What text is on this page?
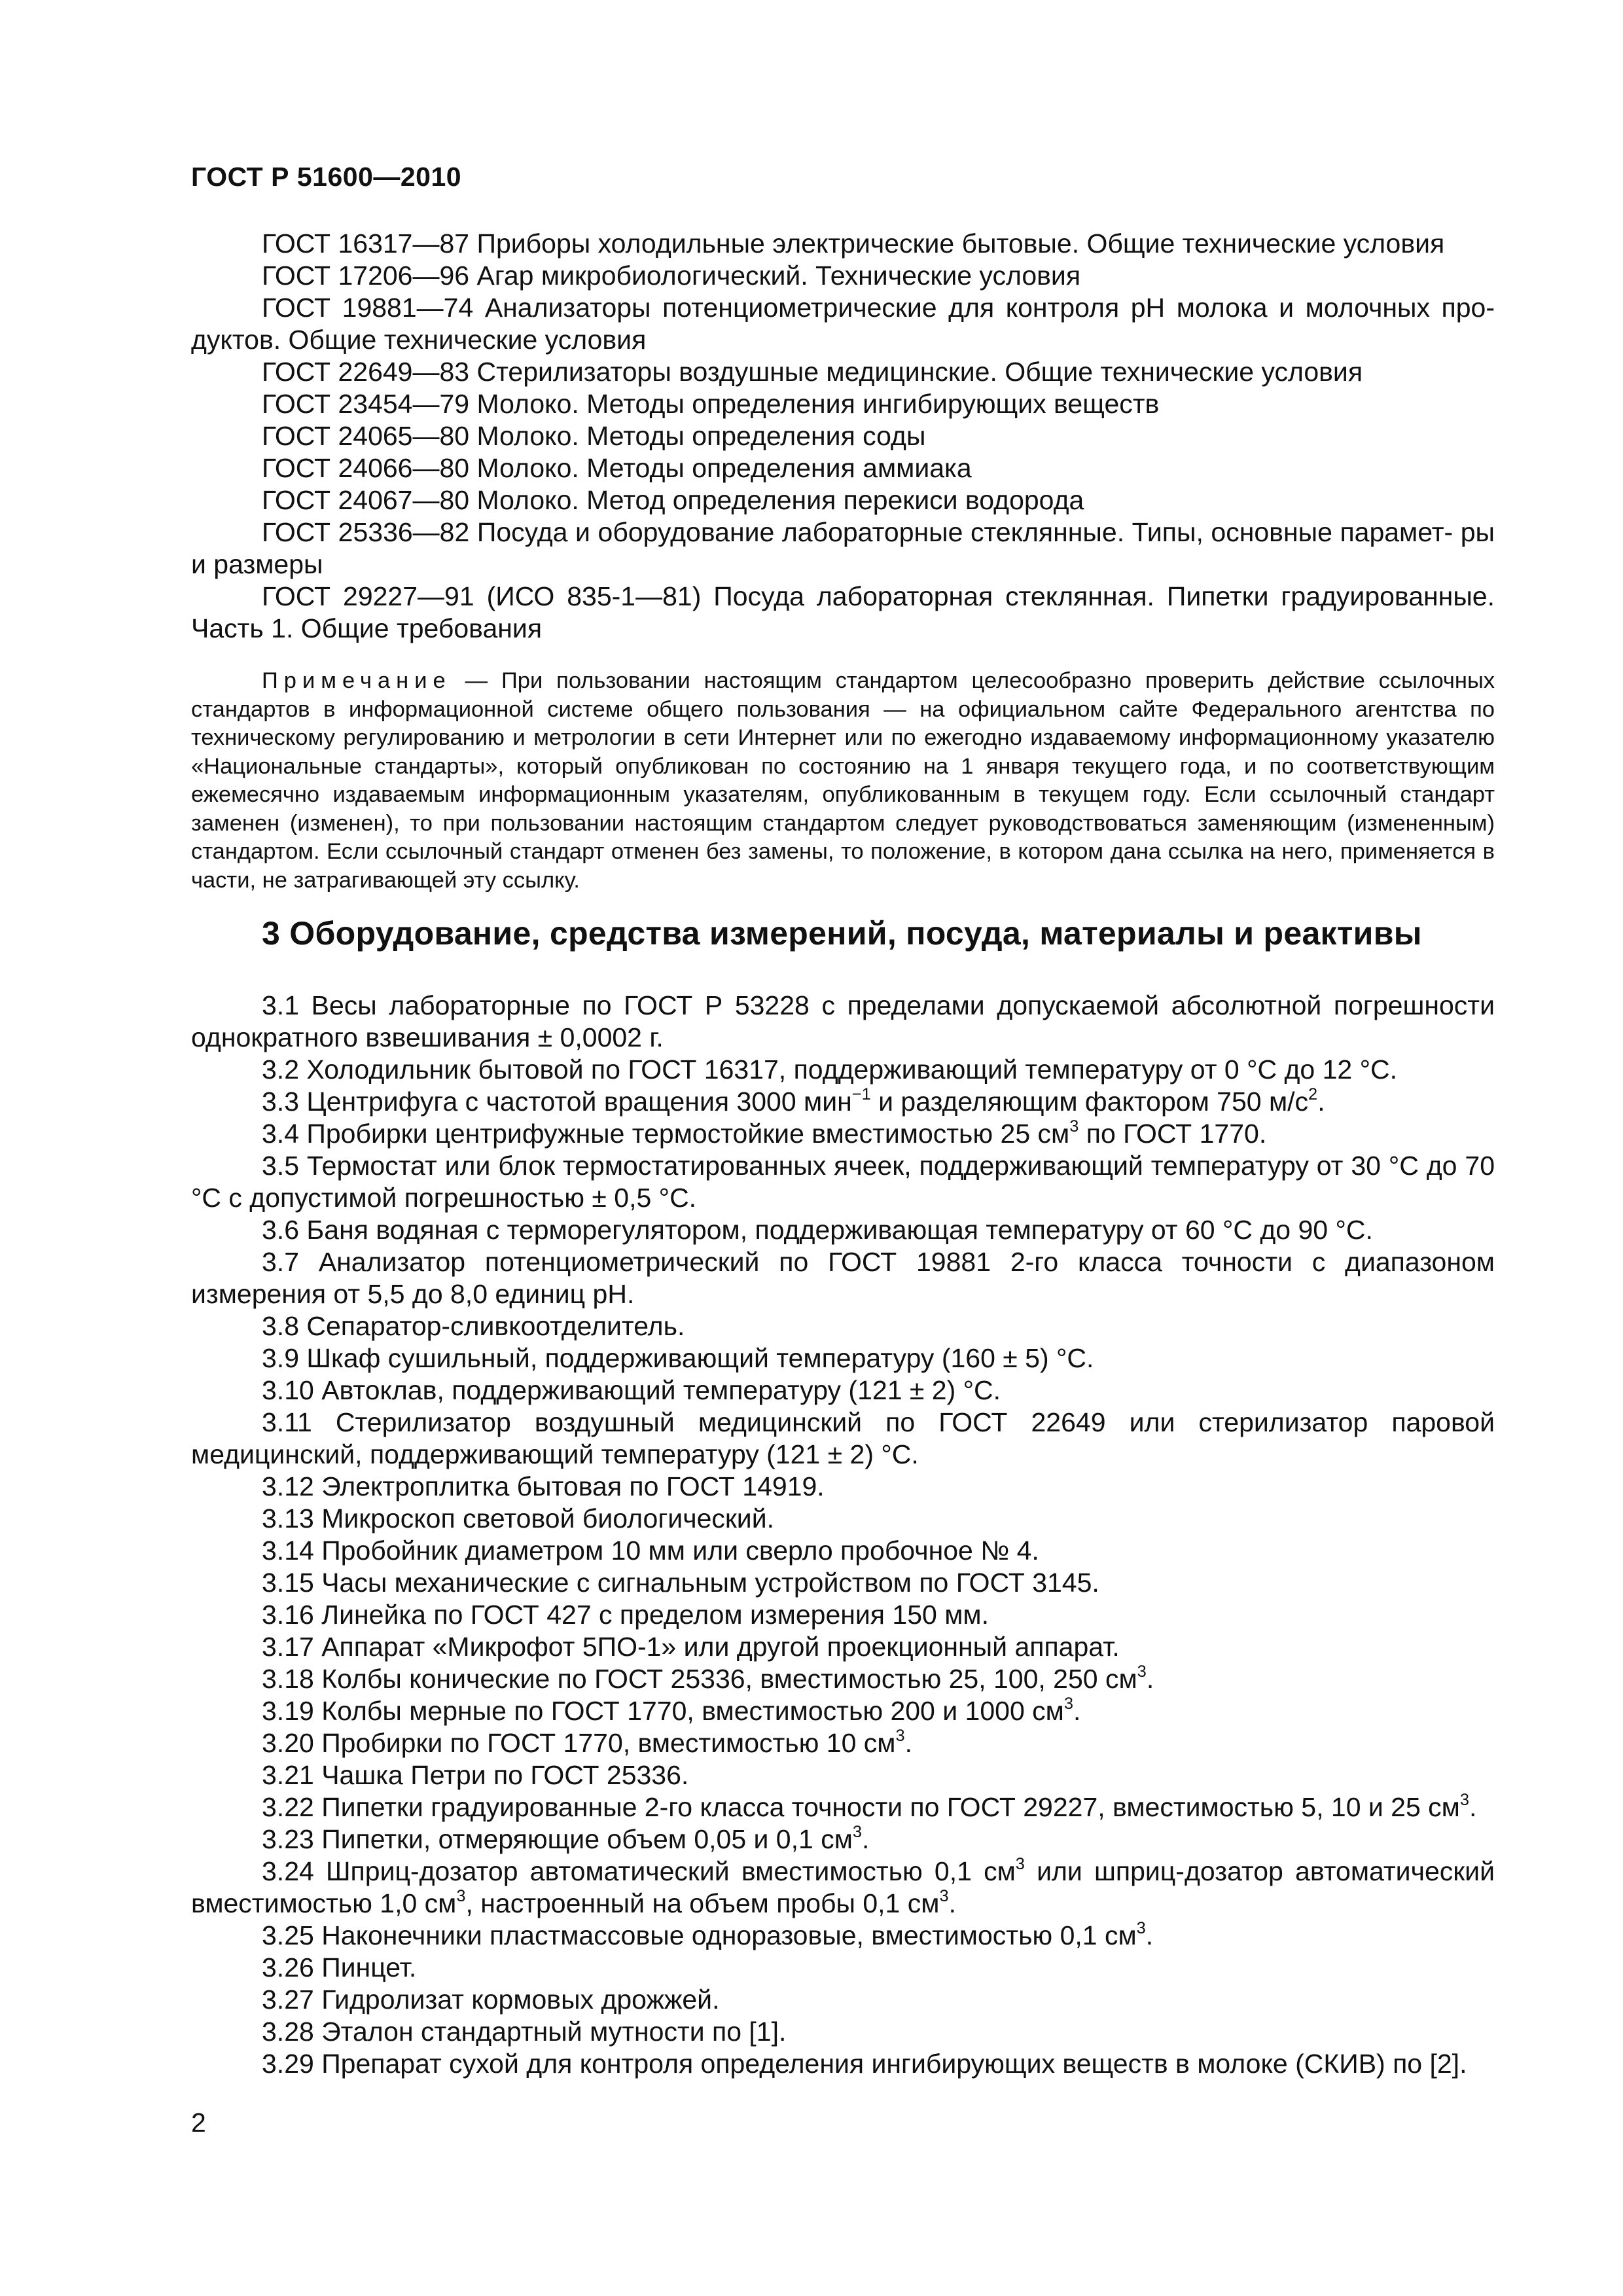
ГОСТ Р 51600—2010

ГОСТ 16317—87 Приборы холодильные электрические бытовые. Общие технические условия

ГОСТ 17206—96 Агар микробиологический. Технические условия

ГОСТ 19881—74 Анализаторы потенциометрические для контроля рН молока и молочных про- дуктов. Общие технические условия

ГОСТ 22649—83 Стерилизаторы воздушные медицинские. Общие технические условия

ГОСТ 23454—79 Молоко. Методы определения ингибирующих веществ

ГОСТ 24065—80 Молоко. Методы определения соды

ГОСТ 24066—80 Молоко. Методы определения аммиака

ГОСТ 24067—80 Молоко. Метод определения перекиси водорода

ГОСТ 25336—82 Посуда и оборудование лабораторные стеклянные. Типы, основные парамет- ры и размеры

ГОСТ 29227—91 (ИСО 835-1—81) Посуда лабораторная стеклянная. Пипетки градуированные. Часть 1. Общие требования

Примечание — При пользовании настоящим стандартом целесообразно проверить действие ссылочных стандартов в информационной системе общего пользования — на официальном сайте Федерального агентства по техническому регулированию и метрологии в сети Интернет или по ежегодно издаваемому информационному указателю «Национальные стандарты», который опубликован по состоянию на 1 января текущего года, и по соответствующим ежемесячно издаваемым информационным указателям, опубликованным в текущем году. Если ссылочный стандарт заменен (изменен), то при пользовании настоящим стандартом следует руководствоваться заменяющим (измененным) стандартом. Если ссылочный стандарт отменен без замены, то положение, в котором дана ссылка на него, применяется в части, не затрагивающей эту ссылку.

3 Оборудование, средства измерений, посуда, материалы и реактивы

3.1 Весы лабораторные по ГОСТ Р 53228 с пределами допускаемой абсолютной погрешности однократного взвешивания ± 0,0002 г.

3.2 Холодильник бытовой по ГОСТ 16317, поддерживающий температуру от 0 °С до 12 °С.

3.3 Центрифуга с частотой вращения 3000 мин$^{-1}$ и разделяющим фактором 750 $м/с^2$.

3.4 Пробирки центрифужные термостойкие вместимостью 25 $см^3$ по ГОСТ 1770.

3.5 Термостат или блок термостатированных ячеек, поддерживающий температуру от 30 °С до 70 °С с допустимой погрешностью ± 0,5 °С.

3.6 Баня водяная с терморегулятором, поддерживающая температуру от 60 °С до 90 °С.

3.7 Анализатор потенциометрический по ГОСТ 19881 2-го класса точности с диапазоном измерения от 5,5 до 8,0 единиц рН.

3.8 Сепаратор-сливкоотделитель.

3.9 Шкаф сушильный, поддерживающий температуру (160 ± 5) °С.

3.10 Автоклав, поддерживающий температуру (121 ± 2) °С.

3.11 Стерилизатор воздушный медицинский по ГОСТ 22649 или стерилизатор паровой медицинский, поддерживающий температуру (121 ± 2) °С.

3.12 Электроплитка бытовая по ГОСТ 14919.

3.13 Микроскоп световой биологический.

3.14 Пробойник диаметром 10 мм или сверло пробочное № 4.

3.15 Часы механические с сигнальным устройством по ГОСТ 3145.

3.16 Линейка по ГОСТ 427 с пределом измерения 150 мм.

3.17 Аппарат «Микрофот 5ПО-1» или другой проекционный аппарат.

3.18 Колбы конические по ГОСТ 25336, вместимостью 25, 100, 250 $см^3$.

3.19 Колбы мерные по ГОСТ 1770, вместимостью 200 и 1000 $см^3$.

3.20 Пробирки по ГОСТ 1770, вместимостью 10 $см^3$.

3.21 Чашка Петри по ГОСТ 25336.

3.22 Пипетки градуированные 2-го класса точности по ГОСТ 29227, вместимостью 5, 10 и 25 $см^3$.

3.23 Пипетки, отмеряющие объем 0,05 и 0,1 $см^3$.

3.24 Шприц-дозатор автоматический вместимостью 0,1 $см^3$ или шприц-дозатор автоматический вместимостью 1,0 $см^3$, настроенный на объем пробы 0,1 $см^3$.

3.25 Наконечники пластмассовые одноразовые, вместимостью 0,1 $см^3$.

3.26 Пинцет.

3.27 Гидролизат кормовых дрожжей.

3.28 Эталон стандартный мутности по [1].

3.29 Препарат сухой для контроля определения ингибирующих веществ в молоке (СКИВ) по [2].

2
